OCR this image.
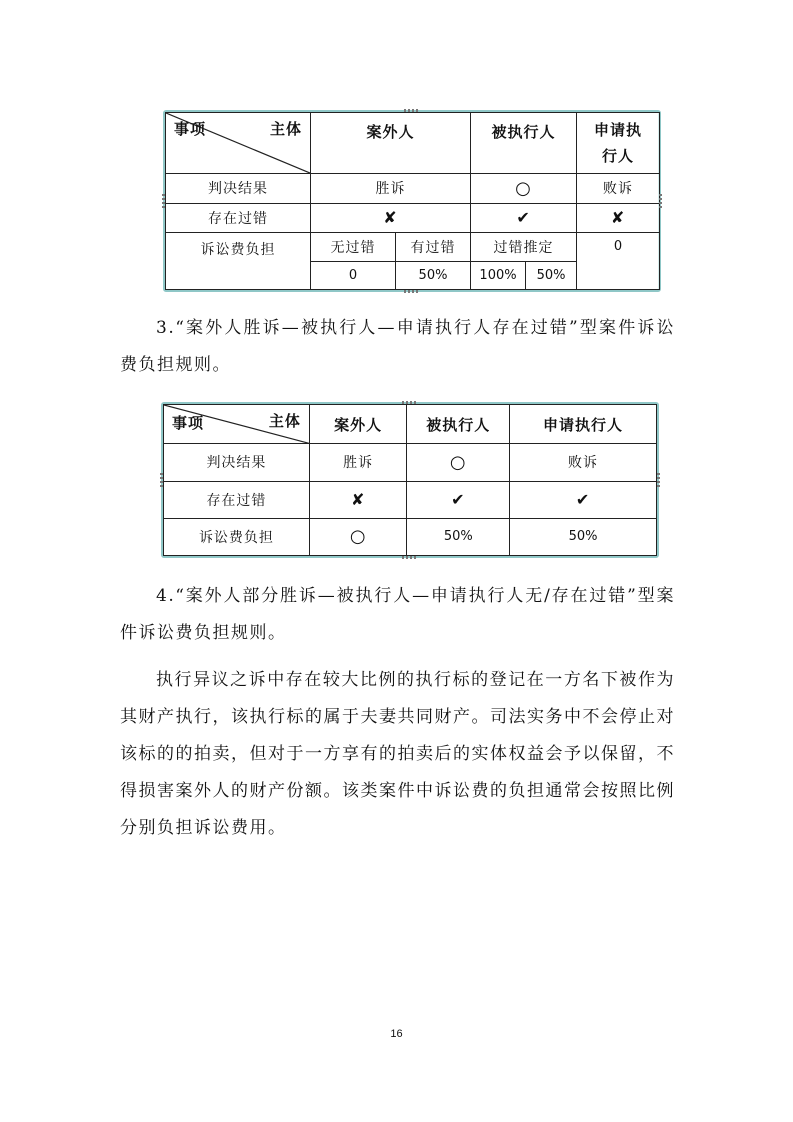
主体
事项	案外人		被执行人		申请执
行人
判决结果	胜诉		○		败诉
存在过错	✘		✔		✘
诉讼费负担	无过错	有过错	过错推定		0
	0	50%	100%	50%	

3.“案外人胜诉—被执行人—申请执行人存在过错”型案件诉讼费负担规则。

主体
事项	案外人	被执行人	申请执行人
判决结果	胜诉	○	败诉
存在过错	✘	✔	✔
诉讼费负担	○	50%	50%

4.“案外人部分胜诉—被执行人—申请执行人无/存在过错”型案件诉讼费负担规则。

执行异议之诉中存在较大比例的执行标的登记在一方名下被作为其财产执行，该执行标的属于夫妻共同财产。司法实务中不会停止对该标的的拍卖，但对于一方享有的拍卖后的实体权益会予以保留，不得损害案外人的财产份额。该类案件中诉讼费的负担通常会按照比例分别负担诉讼费用。

16
